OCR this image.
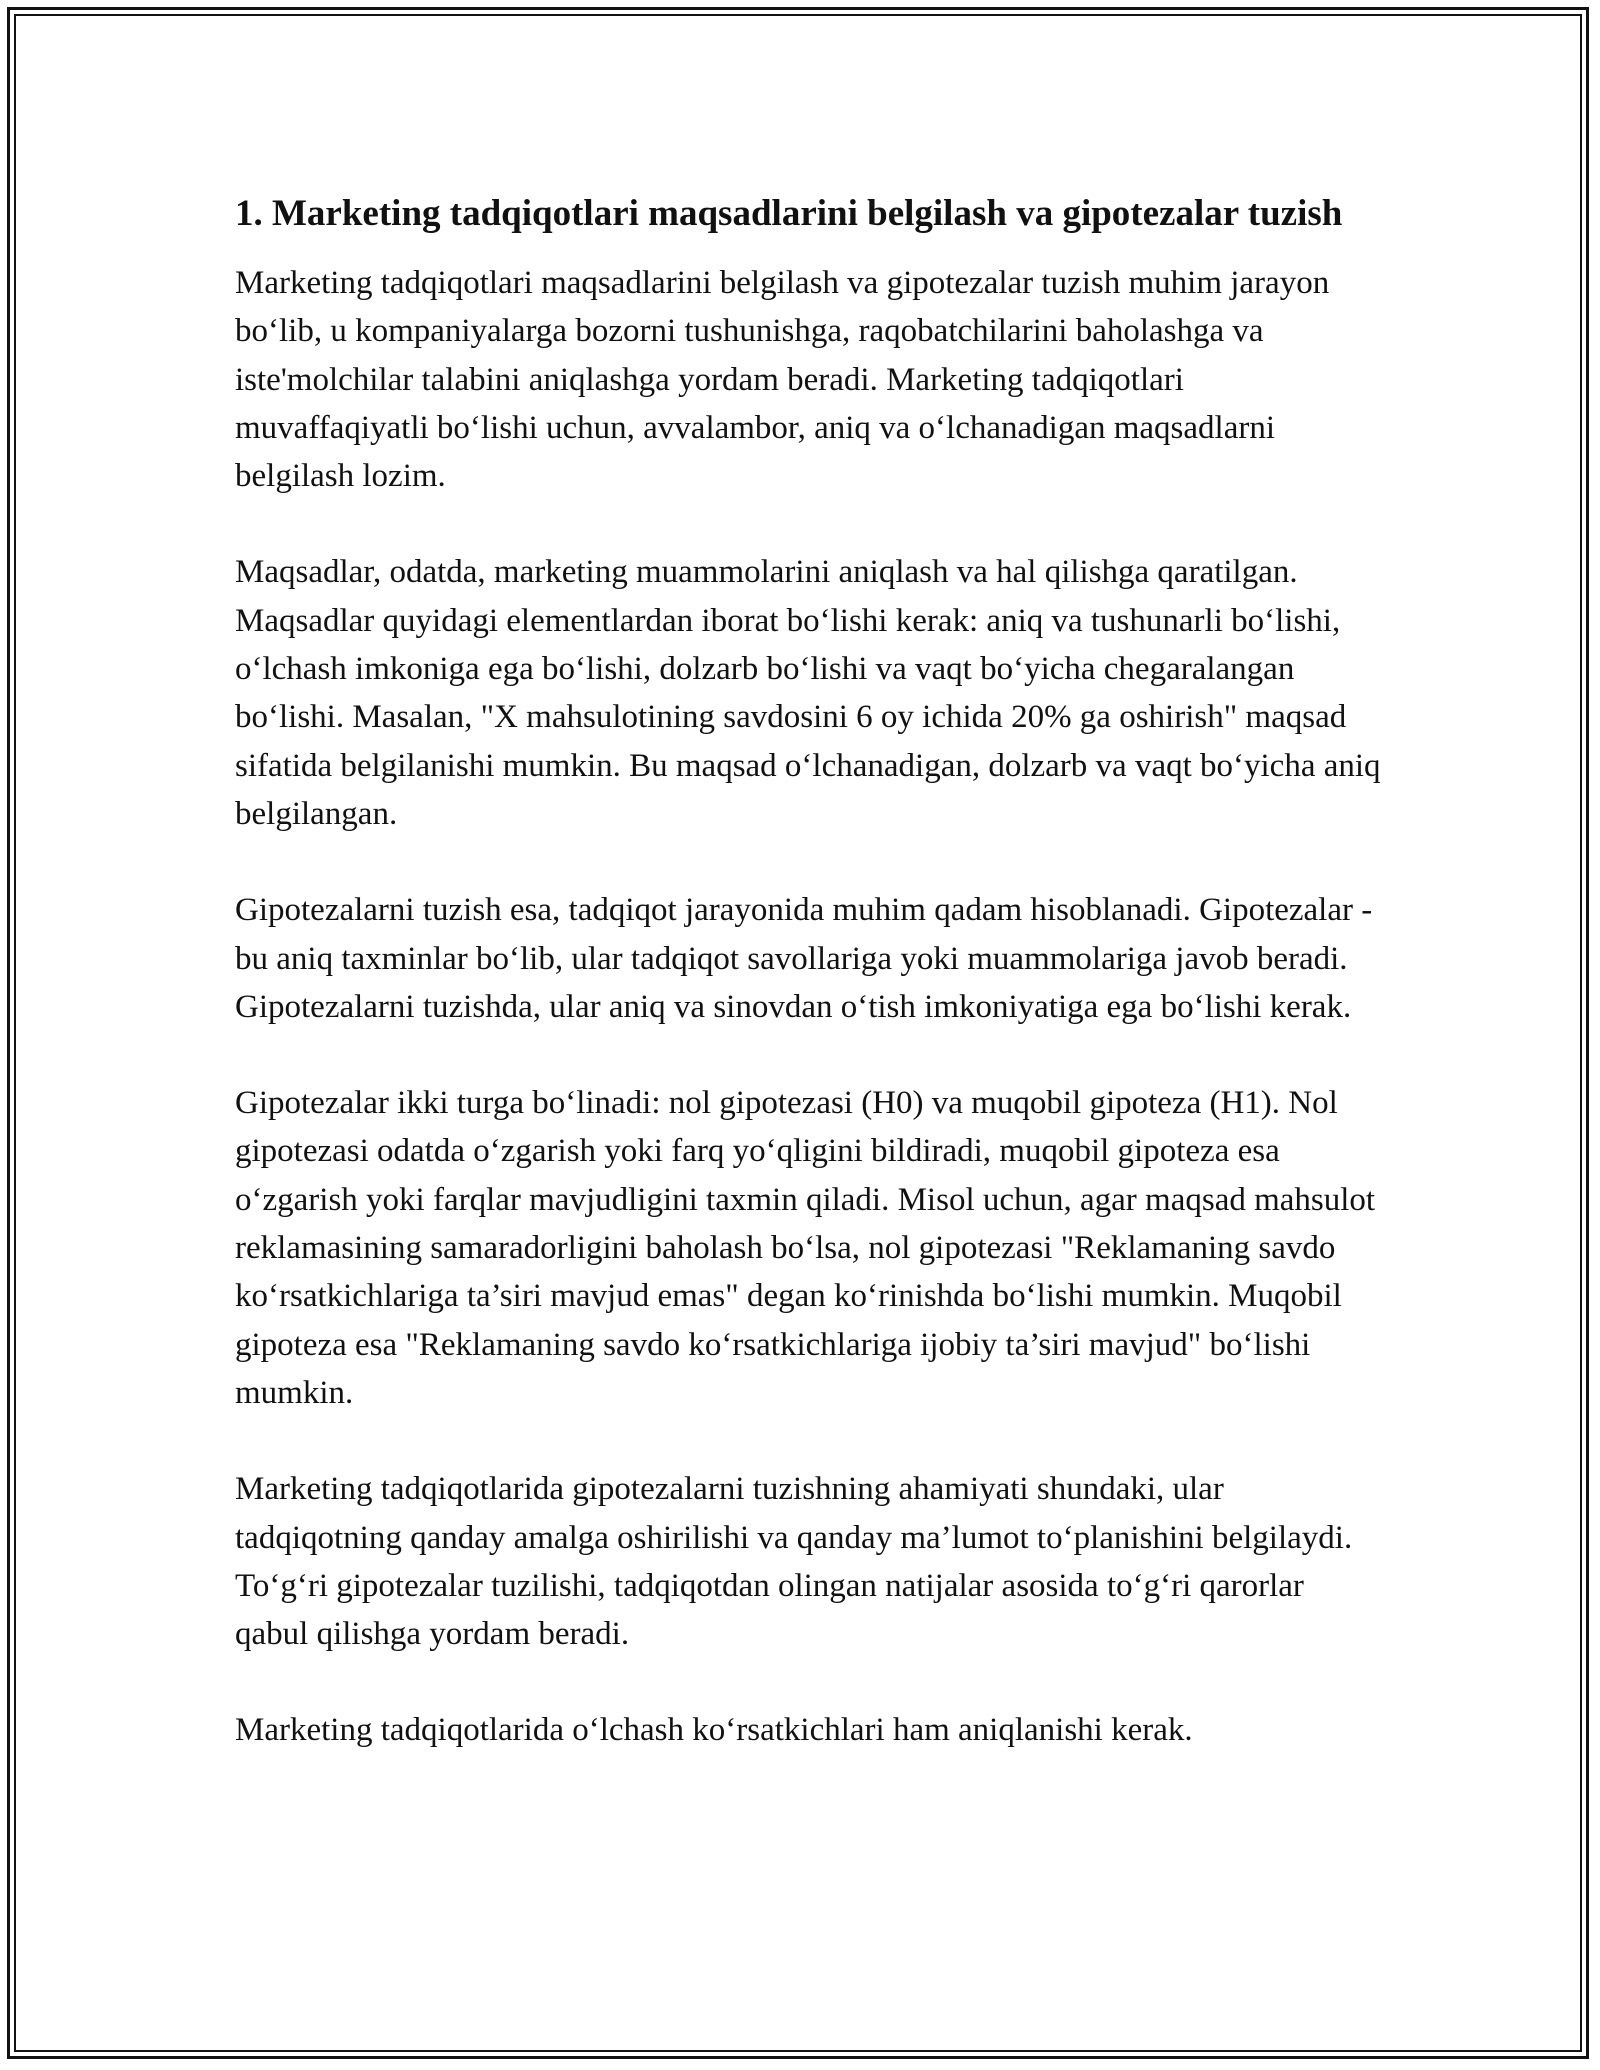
1. Marketing tadqiqotlari maqsadlarini belgilash va gipotezalar tuzish

Marketing tadqiqotlari maqsadlarini belgilash va gipotezalar tuzish muhim jarayon bo‘lib, u kompaniyalarga bozorni tushunishga, raqobatchilarini baholashga va iste'molchilar talabini aniqlashga yordam beradi. Marketing tadqiqotlari muvaffaqiyatli bo‘lishi uchun, avvalambor, aniq va o‘lchanadigan maqsadlarni belgilash lozim.

Maqsadlar, odatda, marketing muammolarini aniqlash va hal qilishga qaratilgan. Maqsadlar quyidagi elementlardan iborat bo‘lishi kerak: aniq va tushunarli bo‘lishi, o‘lchash imkoniga ega bo‘lishi, dolzarb bo‘lishi va vaqt bo‘yicha chegaralangan bo‘lishi. Masalan, "X mahsulotining savdosini 6 oy ichida 20% ga oshirish" maqsad sifatida belgilanishi mumkin. Bu maqsad o‘lchanadigan, dolzarb va vaqt bo‘yicha aniq belgilangan.

Gipotezalarni tuzish esa, tadqiqot jarayonida muhim qadam hisoblanadi. Gipotezalar - bu aniq taxminlar bo‘lib, ular tadqiqot savollariga yoki muammolariga javob beradi. Gipotezalarni tuzishda, ular aniq va sinovdan o‘tish imkoniyatiga ega bo‘lishi kerak.

Gipotezalar ikki turga bo‘linadi: nol gipotezasi (H0) va muqobil gipoteza (H1). Nol gipotezasi odatda o‘zgarish yoki farq yo‘qligini bildiradi, muqobil gipoteza esa o‘zgarish yoki farqlar mavjudligini taxmin qiladi. Misol uchun, agar maqsad mahsulot reklamasining samaradorligini baholash bo‘lsa, nol gipotezasi "Reklamaning savdo ko‘rsatkichlariga ta’siri mavjud emas" degan ko‘rinishda bo‘lishi mumkin. Muqobil gipoteza esa "Reklamaning savdo ko‘rsatkichlariga ijobiy ta’siri mavjud" bo‘lishi mumkin.

Marketing tadqiqotlarida gipotezalarni tuzishning ahamiyati shundaki, ular tadqiqotning qanday amalga oshirilishi va qanday ma’lumot to‘planishini belgilaydi. To‘g‘ri gipotezalar tuzilishi, tadqiqotdan olingan natijalar asosida to‘g‘ri qarorlar qabul qilishga yordam beradi.

Marketing tadqiqotlarida o‘lchash ko‘rsatkichlari ham aniqlanishi kerak.
